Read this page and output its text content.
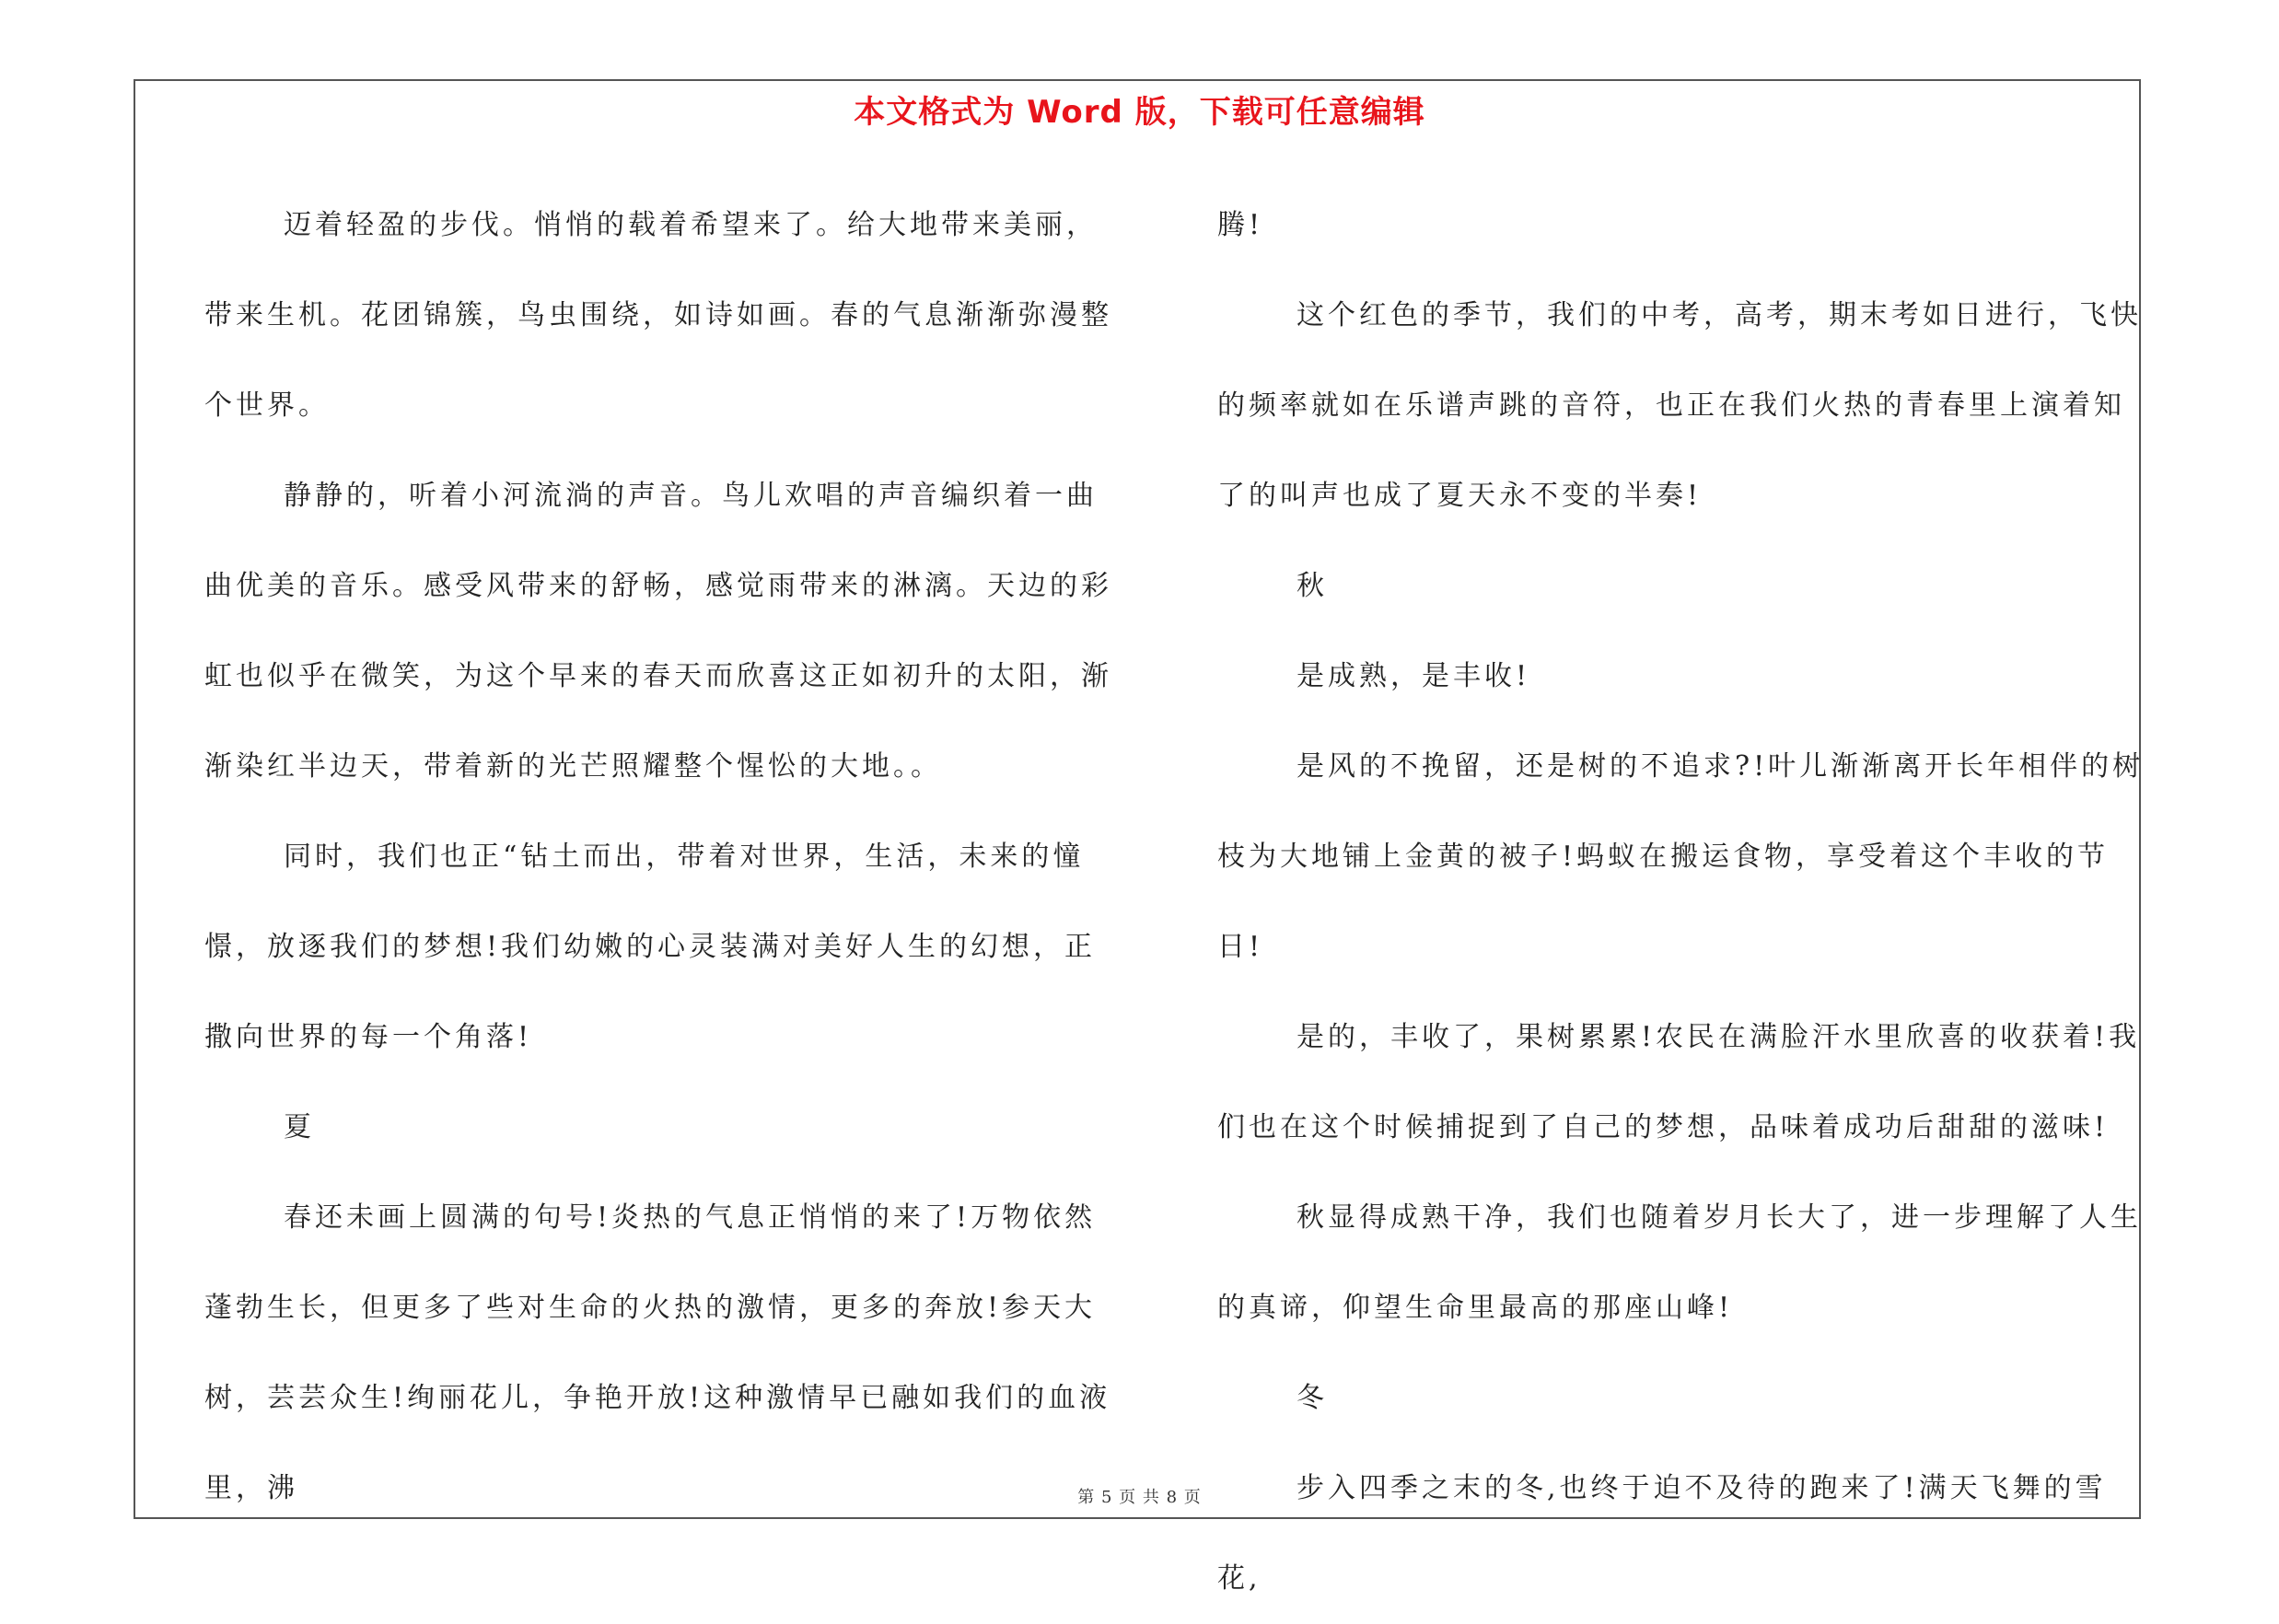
本文格式为 Word 版，下载可任意编辑

迈着轻盈的步伐。悄悄的载着希望来了。给大地带来美丽，带来生机。花团锦簇，鸟虫围绕，如诗如画。春的气息渐渐弥漫整个世界。

静静的，听着小河流淌的声音。鸟儿欢唱的声音编织着一曲曲优美的音乐。感受风带来的舒畅，感觉雨带来的淋漓。天边的彩虹也似乎在微笑，为这个早来的春天而欣喜这正如初升的太阳，渐渐染红半边天，带着新的光芒照耀整个惺忪的大地。。

同时，我们也正“钻土而出，带着对世界，生活，未来的憧憬，放逐我们的梦想!我们幼嫩的心灵装满对美好人生的幻想，正撒向世界的每一个角落!

夏

春还未画上圆满的句号!炎热的气息正悄悄的来了!万物依然蓬勃生长，但更多了些对生命的火热的激情，更多的奔放!参天大树，芸芸众生!绚丽花儿，争艳开放!这种激情早已融如我们的血液里，沸

腾!

这个红色的季节，我们的中考，高考，期末考如日进行，飞快的频率就如在乐谱声跳的音符，也正在我们火热的青春里上演着知了的叫声也成了夏天永不变的半奏!

秋

是成熟，是丰收!

是风的不挽留，还是树的不追求?!叶儿渐渐离开长年相伴的树枝为大地铺上金黄的被子!蚂蚁在搬运食物，享受着这个丰收的节日!

是的，丰收了，果树累累!农民在满脸汗水里欣喜的收获着!我们也在这个时候捕捉到了自己的梦想，品味着成功后甜甜的滋味!

秋显得成熟干净，我们也随着岁月长大了，进一步理解了人生的真谛，仰望生命里最高的那座山峰!

冬

步入四季之末的冬,也终于迫不及待的跑来了!满天飞舞的雪花,

第 5 页 共 8 页
